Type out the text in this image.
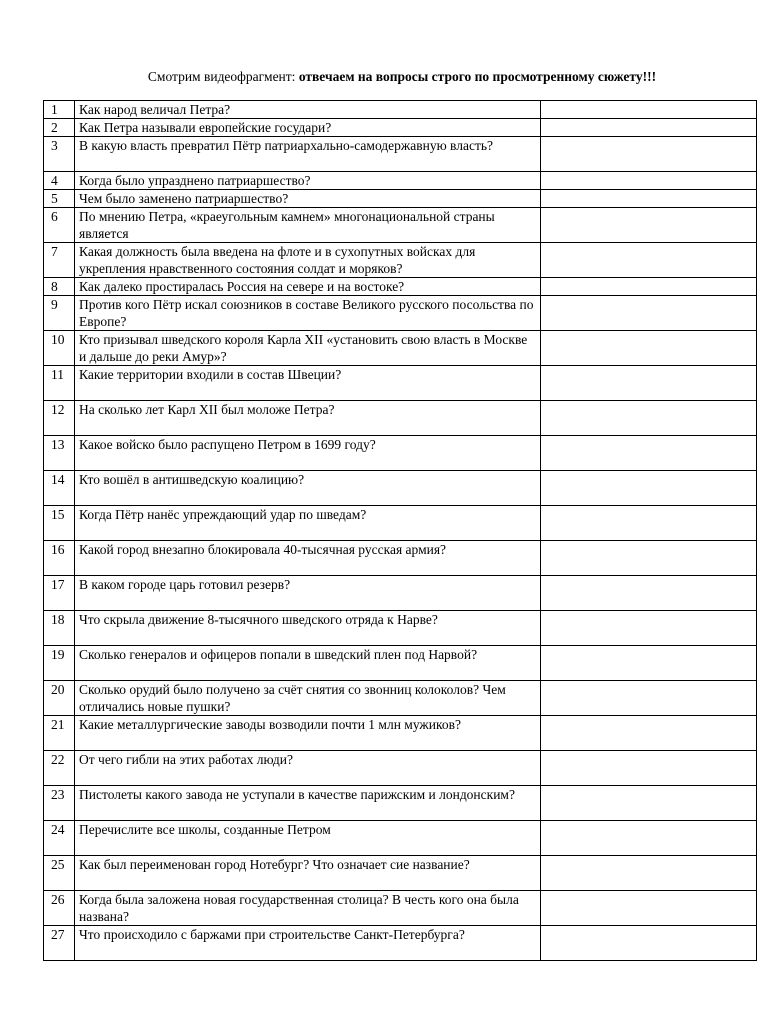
Смотрим видеофрагмент: отвечаем на вопросы строго по просмотренному сюжету!!!
1	Как народ величал Петра?	
2	Как Петра называли европейские государи?	
3	В какую власть превратил Пётр патриархально-самодержавную власть?	
4	Когда было упразднено патриаршество?	
5	Чем было заменено патриаршество?	
6	По мнению Петра, «краеугольным камнем» многонациональной страны является	
7	Какая должность была введена на флоте и в сухопутных войсках для укрепления нравственного состояния солдат и моряков?	
8	Как далеко простиралась Россия на севере и на востоке?	
9	Против кого Пётр искал союзников в составе Великого русского посольства по Европе?	
10	Кто призывал шведского короля Карла XII «установить свою власть в Москве и дальше до реки Амур»?	
11	Какие территории входили в состав Швеции?	
12	На сколько лет Карл XII был моложе Петра?	
13	Какое войско было распущено Петром в 1699 году?	
14	Кто вошёл в антишведскую коалицию?	
15	Когда Пётр нанёс упреждающий удар по шведам?	
16	Какой город внезапно блокировала 40-тысячная русская армия?	
17	В каком городе царь готовил резерв?	
18	Что скрыла движение 8-тысячного шведского отряда к Нарве?	
19	Сколько генералов и офицеров попали в шведский плен под Нарвой?	
20	Сколько орудий было получено за счёт снятия со звонниц колоколов? Чем отличались новые пушки?	
21	Какие металлургические заводы возводили почти 1 млн мужиков?	
22	От чего гибли на этих работах люди?	
23	Пистолеты какого завода не уступали в качестве парижским и лондонским?	
24	Перечислите все школы, созданные Петром	
25	Как был переименован город Нотебург? Что означает сие название?	
26	Когда была заложена новая государственная столица? В честь кого она была названа?	
27	Что происходило с баржами при строительстве Санкт-Петербурга?	
